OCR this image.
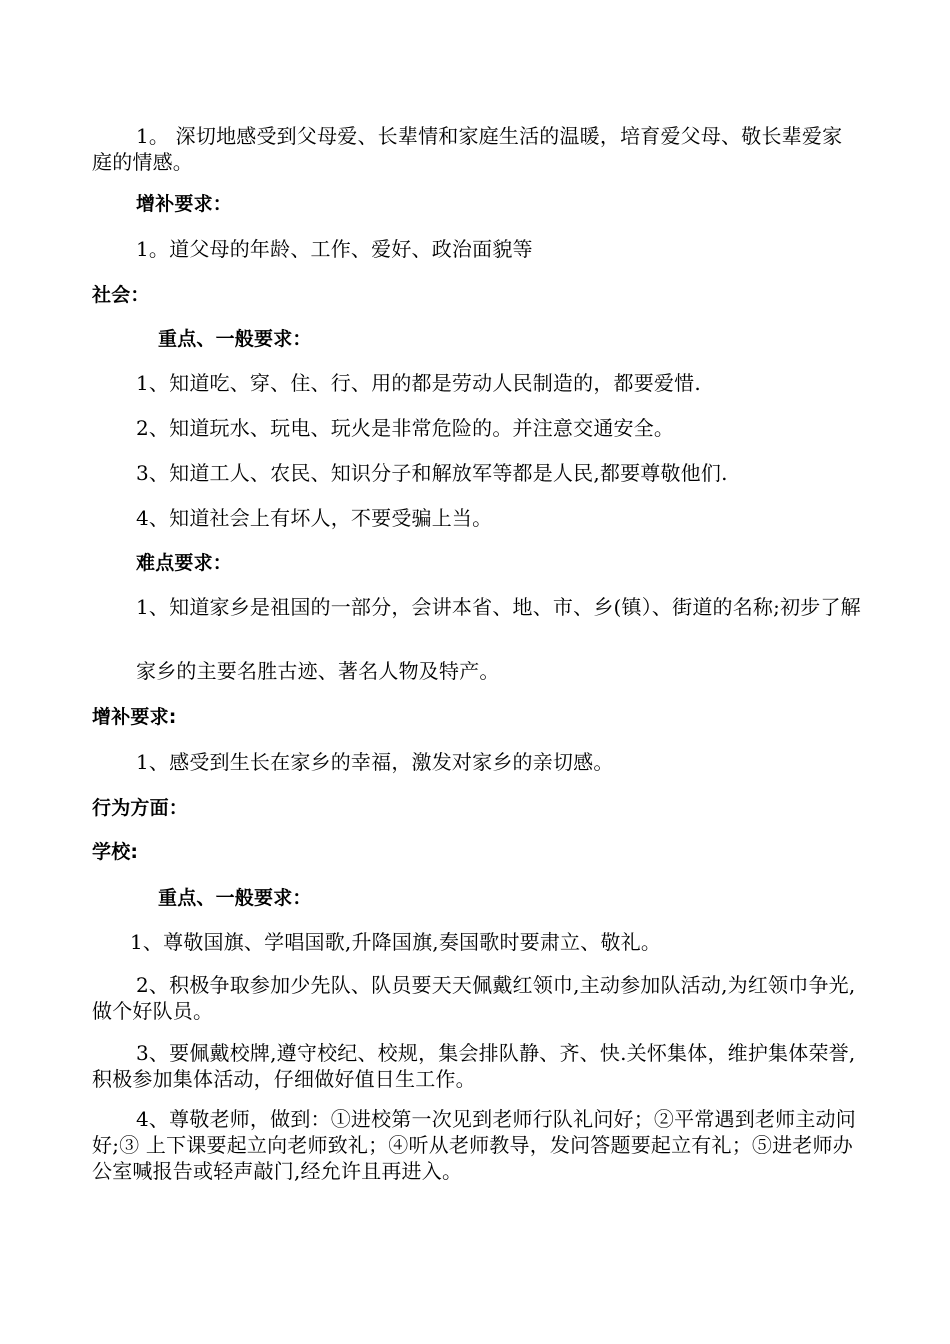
1。 深切地感受到父母爱、长辈情和家庭生活的温暖，培育爱父母、敬长辈爱家庭的情感。
增补要求：
1。道父母的年龄、工作、爱好、政治面貌等
社会：
重点、一般要求：
1、知道吃、穿、住、行、用的都是劳动人民制造的，都要爱惜.
2、知道玩水、玩电、玩火是非常危险的。并注意交通安全。
3、知道工人、农民、知识分子和解放军等都是人民,都要尊敬他们.
4、知道社会上有坏人，不要受骗上当。
难点要求：
1、知道家乡是祖国的一部分，会讲本省、地、市、乡(镇）、街道的名称;初步了解
家乡的主要名胜古迹、著名人物及特产。
增补要求:
1、感受到生长在家乡的幸福，激发对家乡的亲切感。
行为方面：
学校:
重点、一般要求：
1、尊敬国旗、学唱国歌,升降国旗,奏国歌时要肃立、敬礼。
2、积极争取参加少先队、队员要天天佩戴红领巾,主动参加队活动,为红领巾争光,做个好队员。
3、要佩戴校牌,遵守校纪、校规，集会排队静、齐、快.关怀集体，维护集体荣誉,积极参加集体活动，仔细做好值日生工作。
4、尊敬老师，做到：①进校第一次见到老师行队礼问好；②平常遇到老师主动问好;③ 上下课要起立向老师致礼；④听从老师教导，发问答题要起立有礼；⑤进老师办公室喊报告或轻声敲门,经允许且再进入。
